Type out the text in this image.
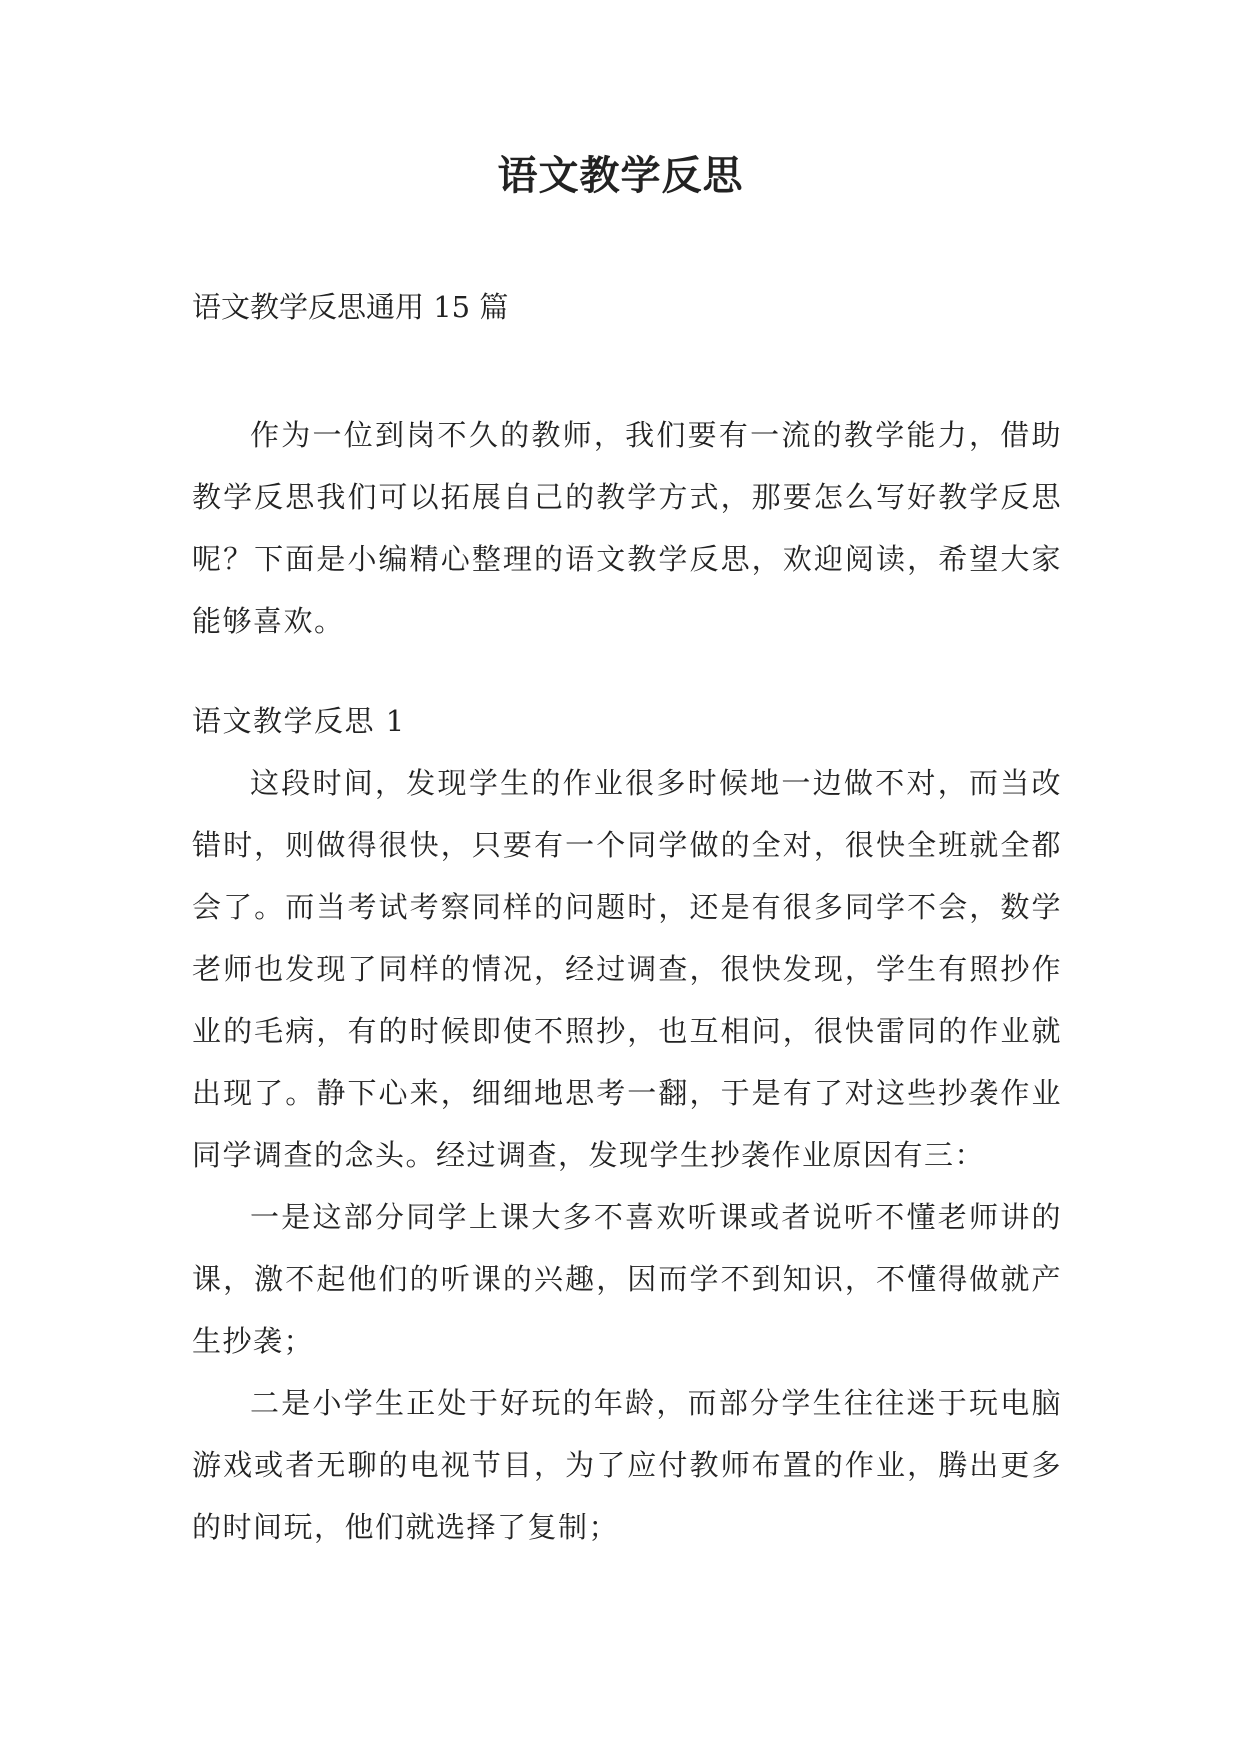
语文教学反思

语文教学反思通用 15 篇

作为一位到岗不久的教师，我们要有一流的教学能力，借助教学反思我们可以拓展自己的教学方式，那要怎么写好教学反思呢？下面是小编精心整理的语文教学反思，欢迎阅读，希望大家能够喜欢。

语文教学反思 1

这段时间，发现学生的作业很多时候地一边做不对，而当改错时，则做得很快，只要有一个同学做的全对，很快全班就全都会了。而当考试考察同样的问题时，还是有很多同学不会，数学老师也发现了同样的情况，经过调查，很快发现，学生有照抄作业的毛病，有的时候即使不照抄，也互相问，很快雷同的作业就出现了。静下心来，细细地思考一翻，于是有了对这些抄袭作业同学调查的念头。经过调查，发现学生抄袭作业原因有三：

一是这部分同学上课大多不喜欢听课或者说听不懂老师讲的课，激不起他们的听课的兴趣，因而学不到知识，不懂得做就产生抄袭；

二是小学生正处于好玩的年龄，而部分学生往往迷于玩电脑游戏或者无聊的电视节目，为了应付教师布置的作业，腾出更多的时间玩，他们就选择了复制；
